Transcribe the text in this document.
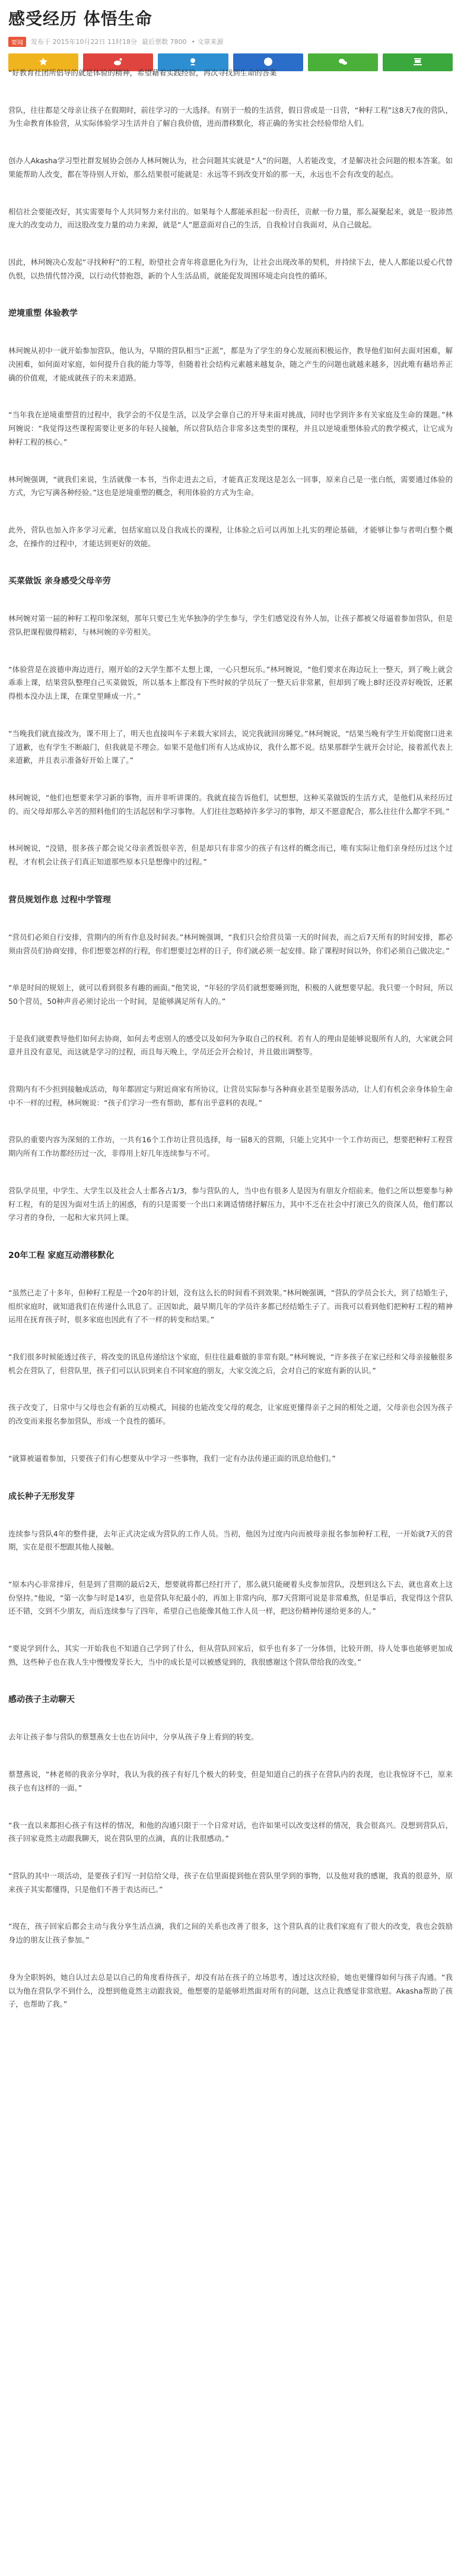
感受经历 体悟生命
要闻	发布于 2015年10月22日 11时18分 最后票数 7800 • 文章来源

“好教育社团所倡导的就是体验的精神，希望藉着实践经验，再次寻找到生命的答案

营队，往往都是父母亲让孩子在假期时，前往学习的一大选择。有别于一般的生活营，假日营或是一日营，“种籽工程”这8天7夜的营队，为生命教育体验营，从实际体验学习生活并自了解自我价值，进而潜移默化，将正确的务实社会经验带给人们。

创办人Akasha学习型社群发展协会创办人林珂婉认为，社会问题其实就是“人”的问题，人若能改变，才是解决社会问题的根本答案。如果能帮助人改变，都在等待别人开始，那么结果很可能就是：永远等不到改变开始的那一天，永远也不会有改变的起点。

相信社会要能改好，其实需要每个人共同努力来付出的。如果每个人都能承担起一份责任，贡献一份力量，那么凝聚起来，就是一股沛然庞大的改变动力，而这股改变力量的动力来源，就是“人”愿意面对自己的生活，自我检讨自我面对，从自己做起。

因此，林珂婉决心发起“寻找种籽”的工程，盼望社会青年将意愿化为行为，让社会出现改革的契机，并持续下去，使人人都能以爱心代替仇恨，以热情代替冷漠，以行动代替抱怨，新的个人生活品质，就能促发周围环境走向良性的循环。

逆境重塑 体验教学

林珂婉从初中一就开始参加营队，他认为，早期的营队相当“正派”，都是为了学生的身心发展而积极运作，教导他们如何去面对困难，解决困难，如何面对家庭，如何提升自我的能力等等，但随着社会结构元素越来越复杂，随之产生的问题也就越来越多，因此唯有藉培养正确的价值观，才能成就孩子的未来道路。

“当年我在逆境重塑营的过程中，我学会的不仅是生活，以及学会靠自己的开导来面对挑战，同时也学到许多有关家庭及生命的课题。”林珂婉说：“我觉得这些课程需要让更多的年轻人接触，所以营队结合非常多这类型的课程，并且以逆境重塑体验式的教学模式，让它成为种籽工程的核心。”

林珂婉强调，“就我们来说，生活就像一本书，当你走进去之后，才能真正发现这是怎么一回事，原来自己是一张白纸，需要通过体验的方式，为它写满各种经验。”这也是逆境重塑的概念，利用体验的方式为生命。

此外，营队也加入许多学习元素，包括家庭以及自我成长的课程，让体验之后可以再加上扎实的理论基础，才能够让参与者明白整个概念，在操作的过程中，才能达到更好的效能。

买菜做饭 亲身感受父母辛劳

林珂婉对第一届的种籽工程印象深刻，那年只要已生光华独净的学生参与，学生们感觉没有外人加，让孩子都被父母逼着参加营队，但是营队把课程做得精彩，与林珂婉的辛劳相关。

“体验营是在波德申海边进行，刚开始的2天学生都不太想上课，一心只想玩乐。”林珂婉说，“他们要求在海边玩上一整天，到了晚上就会乖乖上课，结果营队整理自己买菜做饭，所以基本上都没有下些时候的学员玩了一整天后非常累，但却到了晚上8时还没弄好晚饭，还累得根本没办法上课，在课堂里睡成一片。”

“当晚我们就直接改为，课不用上了，明天也直接叫车子来载大家回去，说完我就回房睡觉。”林珂婉说，“结果当晚有学生开始爬窗口进来了道歉，也有学生不断敲门，但我就是不理会。如果不是他们所有人达成协议，我什么都不说。结果那群学生就开会讨论，接着派代表上来道歉，并且表示准备好开始上课了。”

林珂婉说，“他们也想要来学习新的事物，而并非听讲课的。我就直接告诉他们，试想想，这种买菜做饭的生活方式，是他们从来经历过的。而父母却那么辛苦的照料他们的生活起居和学习事物。人们往往忽略掉许多学习的事物，却又不愿意配合，那么往往什么都学不到。”

林珂婉说，“没错，很多孩子都会说父母亲煮饭很辛苦，但是却只有非常少的孩子有这样的概念而已，唯有实际让他们亲身经历过这个过程，才有机会让孩子们真正知道那些原本只是想像中的过程。”

营员规划作息 过程中学管理

“营员们必须自行安排，营期内的所有作息及时间表。”林珂婉强调，“我们只会给营员第一天的时间表，而之后7天所有的时间安排，都必须由营员们协商安排，你们想要怎样的行程，你们想要过怎样的日子，你们就必须一起安排。除了课程时间以外，你们必须自己做决定。”

“单是时间的规划上，就可以看到很多有趣的画面。”他笑说，“年轻的学员们就想要睡到饱，积极的人就想要早起。我只要一个时间，所以50个营员，50种声音必须讨论出一个时间，是能够满足所有人的。”

于是我们就要教导他们如何去协商，如何去考虑别人的感受以及如何为争取自己的权利。若有人的理由是能够说服所有人的，大家就会同意并且没有意见，而这就是学习的过程，而且每天晚上，学员还会开会检讨，并且做出调整等。

营期内有不少担到接触成活动，每年都固定与附近商家有所协议，让营员实际参与各种商业甚至是服务活动，让人们有机会亲身体验生命中不一样的过程，林珂婉说：“孩子们学习一些有帮助，都有出乎意料的表现。”

营队的重要内容为深刻的工作坊，一共有16个工作坊让营员选择，每一届8天的营期，只能上完其中一个工作坊而已，想要把种籽工程营期内所有工作坊都经历过一次，非得用上好几年连续参与不可。

营队学员里，中学生、大学生以及社会人士都各占1/3，参与营队的人，当中也有很多人是因为有朋友介绍前来。他们之所以想要参与种籽工程，有的是因为面对生活上的困惑，有的只是需要一个出口来调适情绪抒解压力，其中不乏在社会中打滚已久的资深人员，他们都以学习者的身份，一起和大家共同上课。

20年工程 家庭互动潜移默化

“虽然已走了十多年，但种籽工程是一个20年的计划，没有这么长的时间看不到效果。”林珂婉强调，“营队的学员会长大，到了结婚生子，组织家庭时，就知道我们在传递什么讯息了。正因如此，最早期几年的学员许多都已经结婚生子了。而我可以看到他们把种籽工程的精神运用在抚育孩子时，很多家庭也因此有了不一样的转变和结果。”

“我们很多时候能透过孩子，将改变的讯息传递给这个家庭，但往往最难做的非常有限。”林珂婉说，“许多孩子在家已经和父母亲接触很多机会在营队了，但营队里，孩子们可以认识到来自不同家庭的朋友，大家交流之后，会对自己的家庭有新的认识。”

孩子改变了，日常中与父母也会有新的互动模式，间接的也能改变父母的观念，让家庭更懂得亲子之间的相处之道，父母亲也会因为孩子的改变而来报名参加营队，形成一个良性的循环。

“就算被逼着参加，只要孩子们有心想要从中学习一些事物，我们一定有办法传递正面的讯息给他们。”

成长种子无形发芽

连续参与营队4年的整件捷，去年正式决定成为营队的工作人员。当初，他因为过度内向而被母亲报名参加种籽工程，一开始就7天的营期，实在是很不想跟其他人接触。

“原本内心非常排斥，但是到了营期的最后2天，想要就将都已经打开了，那么就只能硬着头皮参加营队，没想到这么下去，就也喜欢上这份坚持。”他说，“第一次参与时是14岁，也是营队年纪最小的，再加上非常内向，那7天营期可说是非常难熬，但是事后，我觉得这个营队还不错，交到不少朋友，而后连续参与了四年，希望自己也能像其他工作人员一样，把这份精神传递给更多的人。”

“要说学到什么，其实一开始我也不知道自己学到了什么，但从营队回家后，似乎也有多了一分体悟，比较开朗，待人处事也能够更加成熟，这些种子也在我人生中慢慢发芽长大，当中的成长是可以被感觉到的，我很感谢这个营队带给我的改变。”

感动孩子主动聊天

去年让孩子参与营队的蔡慧燕女士也在访问中，分享从孩子身上看到的转变。

蔡慧燕说，“林老师的我亲分享时，我认为我的孩子有好几个极大的转变，但是知道自己的孩子在营队内的表现，也让我惊讶不已，原来孩子也有这样的一面。”

“我一直以来都担心孩子有这样的情况，和他的沟通只限于一个日常对话，也许如果可以改变这样的情况，我会很高兴。没想到营队后，孩子回家竟然主动跟我聊天，说在营队里的点滴，真的让我很感动。”

“营队的其中一项活动，是要孩子们写一封信给父母，孩子在信里面提到他在营队里学到的事物，以及他对我的感谢，我真的很意外，原来孩子其实都懂得，只是他们不善于表达而已。”

“现在，孩子回家后都会主动与我分享生活点滴，我们之间的关系也改善了很多，这个营队真的让我们家庭有了很大的改变，我也会鼓励身边的朋友让孩子参加。”

身为全职妈妈，她自认过去总是以自己的角度看待孩子，却没有站在孩子的立场思考，透过这次经验，她也更懂得如何与孩子沟通。“我以为他在营队学不到什么，没想到他竟然主动跟我说，他想要的是能够坦然面对所有的问题，这点让我感觉非常欣慰。Akasha帮助了孩子，也帮助了我。”
